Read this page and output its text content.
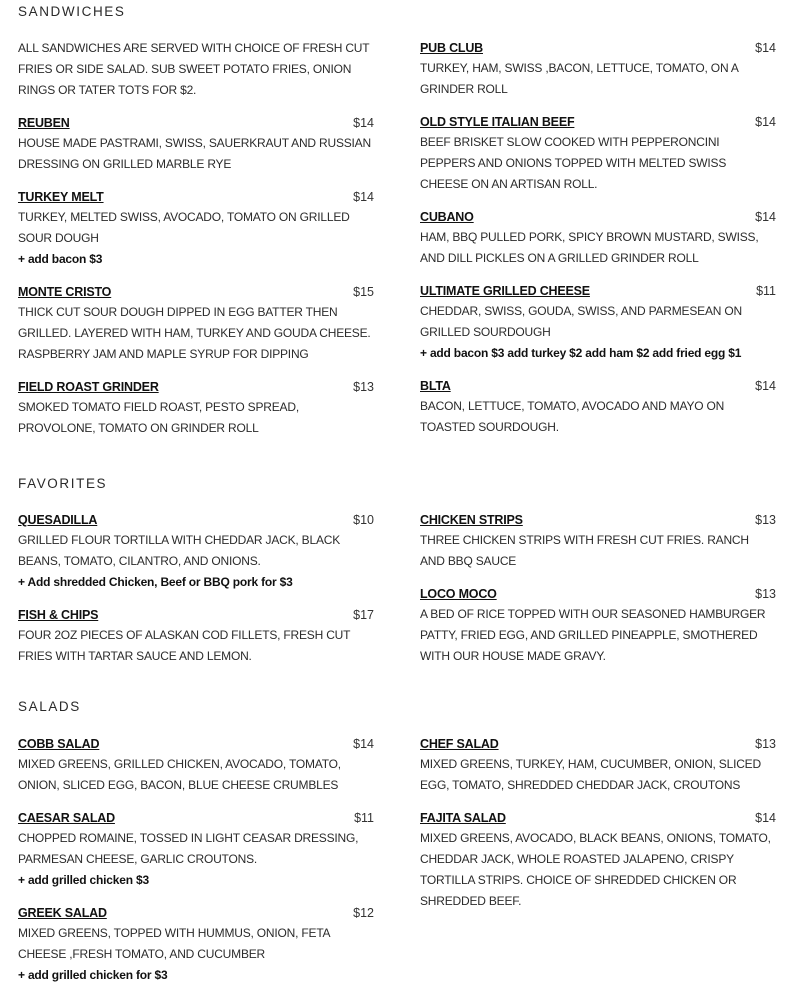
SANDWICHES
ALL SANDWICHES ARE SERVED WITH CHOICE OF FRESH CUT FRIES OR SIDE SALAD. SUB SWEET POTATO FRIES, ONION RINGS OR TATER TOTS FOR $2.
REUBEN	$14
HOUSE MADE PASTRAMI, SWISS, SAUERKRAUT AND RUSSIAN DRESSING ON GRILLED MARBLE RYE
TURKEY MELT	$14
TURKEY, MELTED SWISS, AVOCADO, TOMATO ON GRILLED SOUR DOUGH
+ add bacon $3
MONTE CRISTO	$15
THICK CUT SOUR DOUGH DIPPED IN EGG BATTER THEN GRILLED. LAYERED WITH HAM, TURKEY AND GOUDA CHEESE. RASPBERRY JAM AND MAPLE SYRUP FOR DIPPING
FIELD ROAST GRINDER	$13
SMOKED TOMATO FIELD ROAST, PESTO SPREAD, PROVOLONE, TOMATO ON GRINDER ROLL
PUB CLUB	$14
TURKEY, HAM, SWISS ,BACON, LETTUCE, TOMATO, ON A GRINDER ROLL
OLD STYLE ITALIAN BEEF	$14
BEEF BRISKET SLOW COOKED WITH PEPPERONCINI PEPPERS AND ONIONS TOPPED WITH MELTED SWISS CHEESE ON AN ARTISAN ROLL.
CUBANO	$14
HAM, BBQ PULLED PORK, SPICY BROWN MUSTARD, SWISS, AND DILL PICKLES ON A GRILLED GRINDER ROLL
ULTIMATE GRILLED CHEESE	$11
CHEDDAR, SWISS, GOUDA, SWISS, AND PARMESEAN ON GRILLED SOURDOUGH
+ add bacon $3 add turkey $2 add ham $2 add fried egg $1
BLTA	$14
BACON, LETTUCE, TOMATO, AVOCADO AND MAYO ON TOASTED SOURDOUGH.
FAVORITES
QUESADILLA	$10
GRILLED FLOUR TORTILLA WITH CHEDDAR JACK, BLACK BEANS, TOMATO, CILANTRO, AND ONIONS.
+ Add shredded Chicken, Beef or BBQ pork for $3
FISH & CHIPS	$17
FOUR 2OZ PIECES OF ALASKAN COD FILLETS, FRESH CUT FRIES WITH TARTAR SAUCE AND LEMON.
CHICKEN STRIPS	$13
THREE CHICKEN STRIPS WITH FRESH CUT FRIES. RANCH AND BBQ SAUCE
LOCO MOCO	$13
A BED OF RICE TOPPED WITH OUR SEASONED HAMBURGER PATTY, FRIED EGG, AND GRILLED PINEAPPLE, SMOTHERED WITH OUR HOUSE MADE GRAVY.
SALADS
COBB SALAD	$14
MIXED GREENS, GRILLED CHICKEN, AVOCADO, TOMATO, ONION, SLICED EGG, BACON, BLUE CHEESE CRUMBLES
CAESAR SALAD	$11
CHOPPED ROMAINE, TOSSED IN LIGHT CEASAR DRESSING, PARMESAN CHEESE, GARLIC CROUTONS.
+ add grilled chicken $3
GREEK SALAD	$12
MIXED GREENS, TOPPED WITH HUMMUS, ONION, FETA CHEESE ,FRESH TOMATO, AND CUCUMBER
+ add grilled chicken for $3
CHEF SALAD	$13
MIXED GREENS, TURKEY, HAM, CUCUMBER, ONION, SLICED EGG, TOMATO, SHREDDED CHEDDAR JACK, CROUTONS
FAJITA SALAD	$14
MIXED GREENS, AVOCADO, BLACK BEANS, ONIONS, TOMATO, CHEDDAR JACK, WHOLE ROASTED JALAPENO, CRISPY TORTILLA STRIPS. CHOICE OF SHREDDED CHICKEN OR SHREDDED BEEF.
